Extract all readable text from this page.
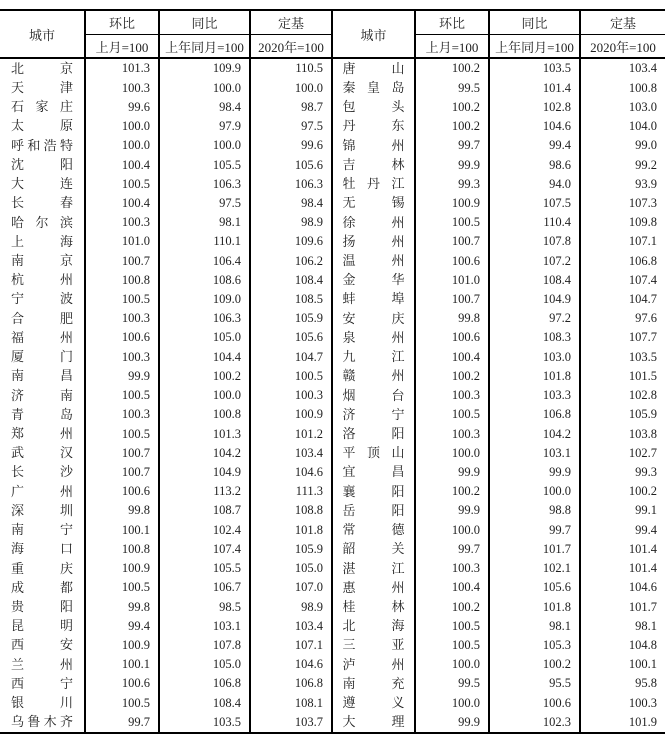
城市	环比	同比	定基	城市	环比	同比	定基
	上月=100	上年同月=100	2020年=100		上月=100	上年同月=100	2020年=100

北 京	101.3	109.9	110.5	唐 山	100.2	103.5	103.4

天 津	100.3	100.0	100.0	秦 皇 岛	99.5	101.4	100.8

石 家 庄	99.6	98.4	98.7	包 头	100.2	102.8	103.0

太 原	100.0	97.9	97.5	丹 东	100.2	104.6	104.0

呼 和 浩 特	100.0	100.0	99.6	锦 州	99.7	99.4	99.0

沈 阳	100.4	105.5	105.6	吉 林	99.9	98.6	99.2

大 连	100.5	106.3	106.3	牡 丹 江	99.3	94.0	93.9

长 春	100.4	97.5	98.4	无 锡	100.9	107.5	107.3

哈 尔 滨	100.3	98.1	98.9	徐 州	100.5	110.4	109.8

上 海	101.0	110.1	109.6	扬 州	100.7	107.8	107.1

南 京	100.7	106.4	106.2	温 州	100.6	107.2	106.8

杭 州	100.8	108.6	108.4	金 华	101.0	108.4	107.4

宁 波	100.5	109.0	108.5	蚌 埠	100.7	104.9	104.7

合 肥	100.3	106.3	105.9	安 庆	99.8	97.2	97.6

福 州	100.6	105.0	105.6	泉 州	100.6	108.3	107.7

厦 门	100.3	104.4	104.7	九 江	100.4	103.0	103.5

南 昌	99.9	100.2	100.5	赣 州	100.2	101.8	101.5

济 南	100.5	100.0	100.3	烟 台	100.3	103.3	102.8

青 岛	100.3	100.8	100.9	济 宁	100.5	106.8	105.9

郑 州	100.5	101.3	101.2	洛 阳	100.3	104.2	103.8

武 汉	100.7	104.2	103.4	平 顶 山	100.0	103.1	102.7

长 沙	100.7	104.9	104.6	宜 昌	99.9	99.9	99.3

广 州	100.6	113.2	111.3	襄 阳	100.2	100.0	100.2

深 圳	99.8	108.7	108.8	岳 阳	99.9	98.8	99.1

南 宁	100.1	102.4	101.8	常 德	100.0	99.7	99.4

海 口	100.8	107.4	105.9	韶 关	99.7	101.7	101.4

重 庆	100.9	105.5	105.0	湛 江	100.3	102.1	101.4

成 都	100.5	106.7	107.0	惠 州	100.4	105.6	104.6

贵 阳	99.8	98.5	98.9	桂 林	100.2	101.8	101.7

昆 明	99.4	103.1	103.4	北 海	100.5	98.1	98.1

西 安	100.9	107.8	107.1	三 亚	100.5	105.3	104.8

兰 州	100.1	105.0	104.6	泸 州	100.0	100.2	100.1

西 宁	100.6	106.8	106.8	南 充	99.5	95.5	95.8

银 川	100.5	108.4	108.1	遵 义	100.0	100.6	100.3

乌 鲁 木 齐	99.7	103.5	103.7	大 理	99.9	102.3	101.9
